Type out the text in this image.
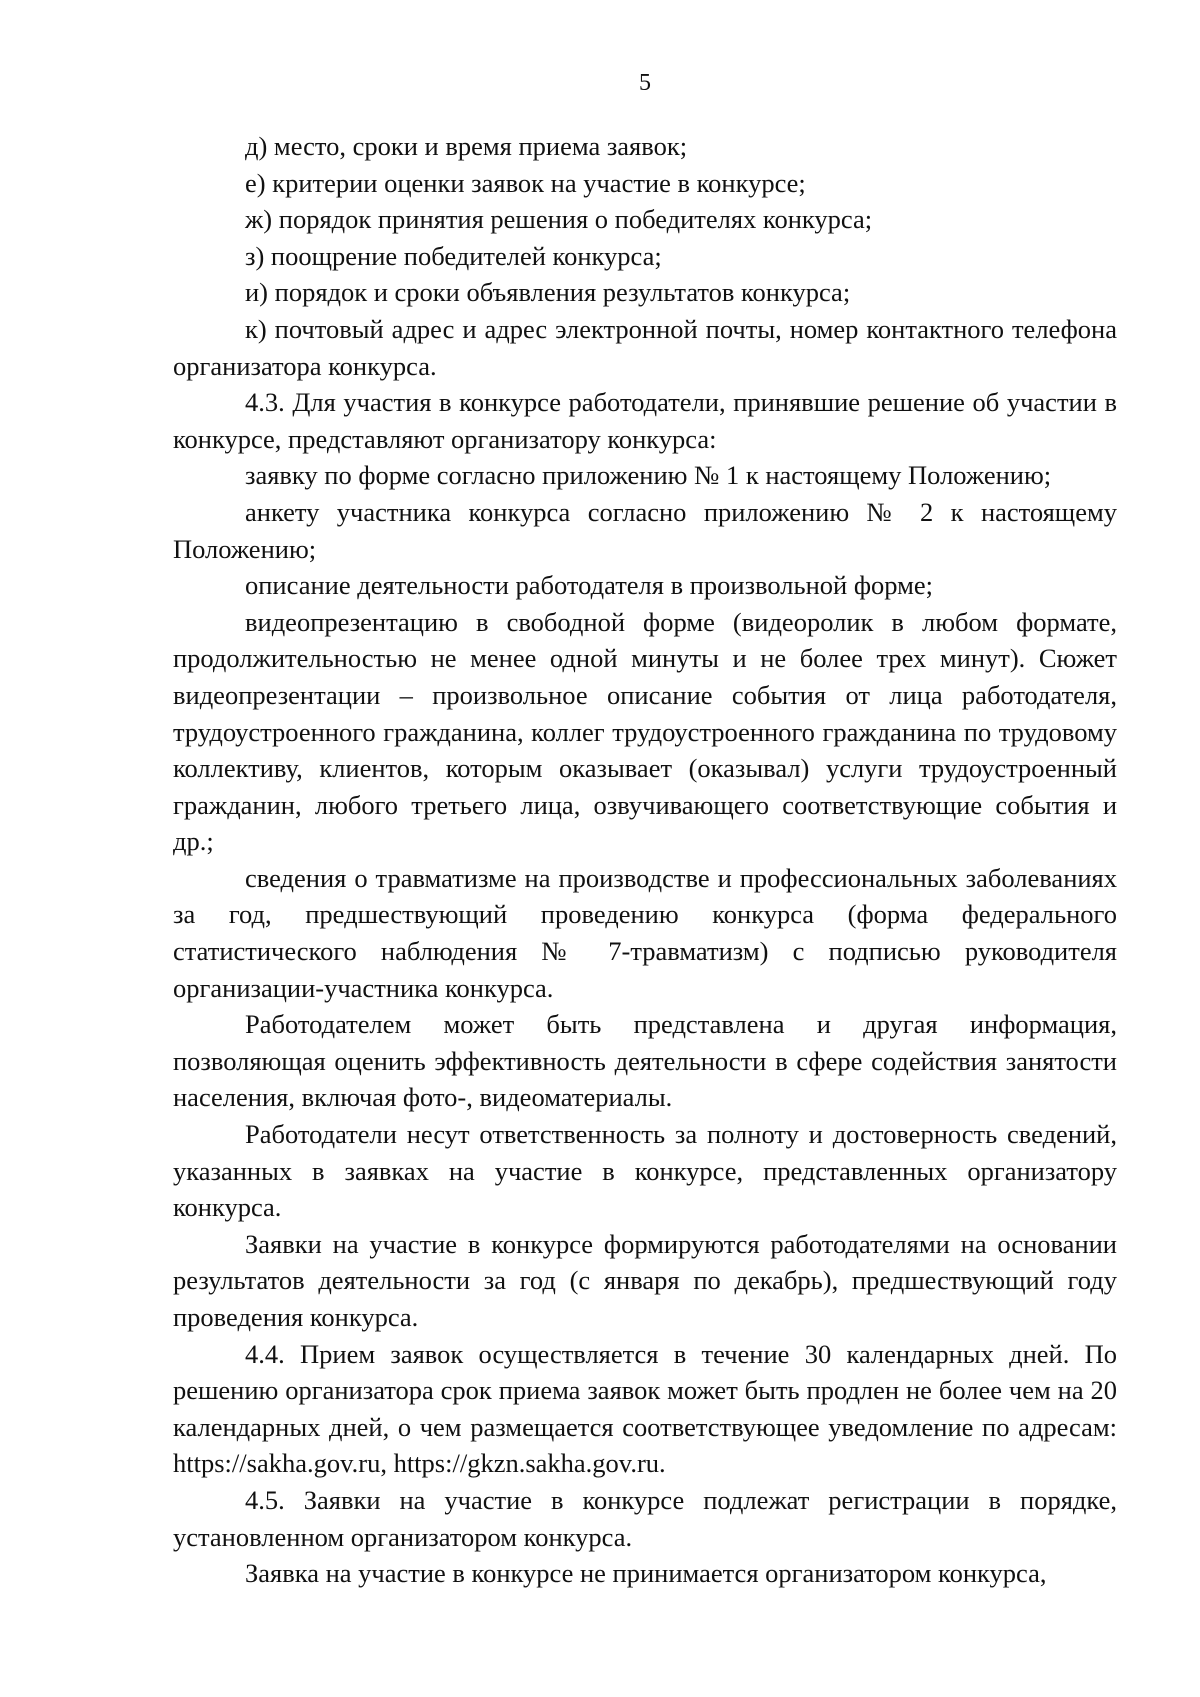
5

д) место, сроки и время приема заявок;

е) критерии оценки заявок на участие в конкурсе;

ж) порядок принятия решения о победителях конкурса;

з) поощрение победителей конкурса;

и) порядок и сроки объявления результатов конкурса;

к) почтовый адрес и адрес электронной почты, номер контактного телефона организатора конкурса.

4.3. Для участия в конкурсе работодатели, принявшие решение об участии в конкурсе, представляют организатору конкурса:

заявку по форме согласно приложению № 1 к настоящему Положению;

анкету участника конкурса согласно приложению № 2 к настоящему Положению;

описание деятельности работодателя в произвольной форме;

видеопрезентацию в свободной форме (видеоролик в любом формате, продолжительностью не менее одной минуты и не более трех минут). Сюжет видеопрезентации – произвольное описание события от лица работодателя, трудоустроенного гражданина, коллег трудоустроенного гражданина по трудовому коллективу, клиентов, которым оказывает (оказывал) услуги трудоустроенный гражданин, любого третьего лица, озвучивающего соответствующие события и др.;

сведения о травматизме на производстве и профессиональных заболеваниях за год, предшествующий проведению конкурса (форма федерального статистического наблюдения № 7-травматизм) с подписью руководителя организации-участника конкурса.

Работодателем может быть представлена и другая информация, позволяющая оценить эффективность деятельности в сфере содействия занятости населения, включая фото-, видеоматериалы.

Работодатели несут ответственность за полноту и достоверность сведений, указанных в заявках на участие в конкурсе, представленных организатору конкурса.

Заявки на участие в конкурсе формируются работодателями на основании результатов деятельности за год (с января по декабрь), предшествующий году проведения конкурса.

4.4. Прием заявок осуществляется в течение 30 календарных дней. По решению организатора срок приема заявок может быть продлен не более чем на 20 календарных дней, о чем размещается соответствующее уведомление по адресам: https://sakha.gov.ru, https://gkzn.sakha.gov.ru.

4.5. Заявки на участие в конкурсе подлежат регистрации в порядке, установленном организатором конкурса.

Заявка на участие в конкурсе не принимается организатором конкурса,
